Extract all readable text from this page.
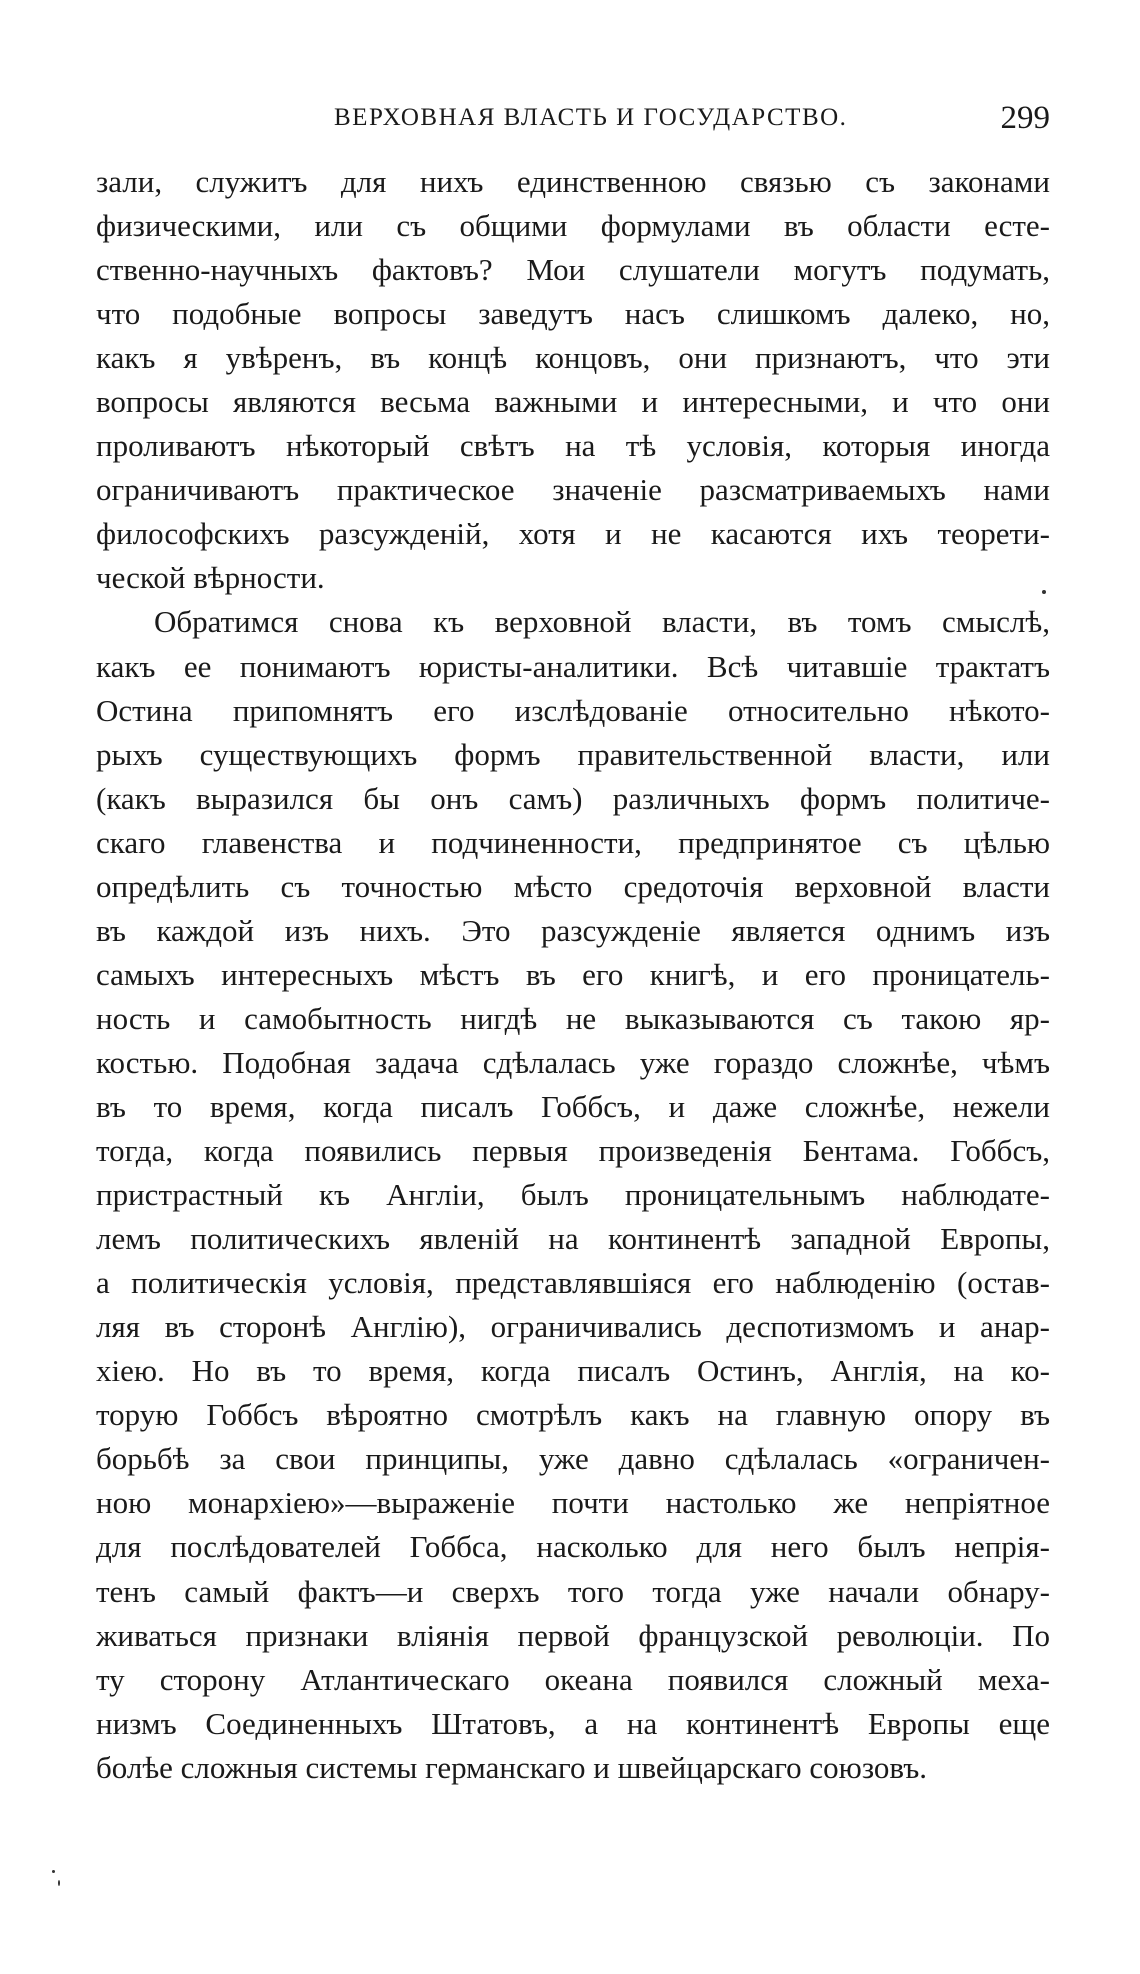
ВЕРХОВНАЯ ВЛАСТЬ И ГОСУДАРСТВО.	299
зали, служитъ для нихъ единственною связью съ законами
физическими, или съ общими формулами въ области есте-
ственно-научныхъ фактовъ? Мои слушатели могутъ подумать,
что подобные вопросы заведутъ насъ слишкомъ далеко, но,
какъ я увѣренъ, въ концѣ концовъ, они признаютъ, что эти
вопросы являются весьма важными и интересными, и что они
проливаютъ нѣкоторый свѣтъ на тѣ условія, которыя иногда
ограничиваютъ практическое значеніе разсматриваемыхъ нами
философскихъ разсужденій, хотя и не касаются ихъ теорети-
ческой вѣрности.
Обратимся снова къ верховной власти, въ томъ смыслѣ,
какъ ее понимаютъ юристы-аналитики. Всѣ читавшіе трактатъ
Остина припомнятъ его изслѣдованіе относительно нѣкото-
рыхъ существующихъ формъ правительственной власти, или
(какъ выразился бы онъ самъ) различныхъ формъ политиче-
скаго главенства и подчиненности, предпринятое съ цѣлью
опредѣлить съ точностью мѣсто средоточія верховной власти
въ каждой изъ нихъ. Это разсужденіе является однимъ изъ
самыхъ интересныхъ мѣстъ въ его книгѣ, и его проницатель-
ность и самобытность нигдѣ не выказываются съ такою яр-
костью. Подобная задача сдѣлалась уже гораздо сложнѣе, чѣмъ
въ то время, когда писалъ Гоббсъ, и даже сложнѣе, нежели
тогда, когда появились первыя произведенія Бентама. Гоббсъ,
пристрастный къ Англіи, былъ проницательнымъ наблюдате-
лемъ политическихъ явленій на континентѣ западной Европы,
а политическія условія, представлявшіяся его наблюденію (остав-
ляя въ сторонѣ Англію), ограничивались деспотизмомъ и анар-
хіею. Но въ то время, когда писалъ Остинъ, Англія, на ко-
торую Гоббсъ вѣроятно смотрѣлъ какъ на главную опору въ
борьбѣ за свои принципы, уже давно сдѣлалась «ограничен-
ною монархіею»—выраженіе почти настолько же непріятное
для послѣдователей Гоббса, насколько для него былъ непрія-
тенъ самый фактъ—и сверхъ того тогда уже начали обнару-
живаться признаки вліянія первой французской революціи. По
ту сторону Атлантическаго океана появился сложный меха-
низмъ Соединенныхъ Штатовъ, а на континентѣ Европы еще
болѣе сложныя системы германскаго и швейцарскаго союзовъ.
